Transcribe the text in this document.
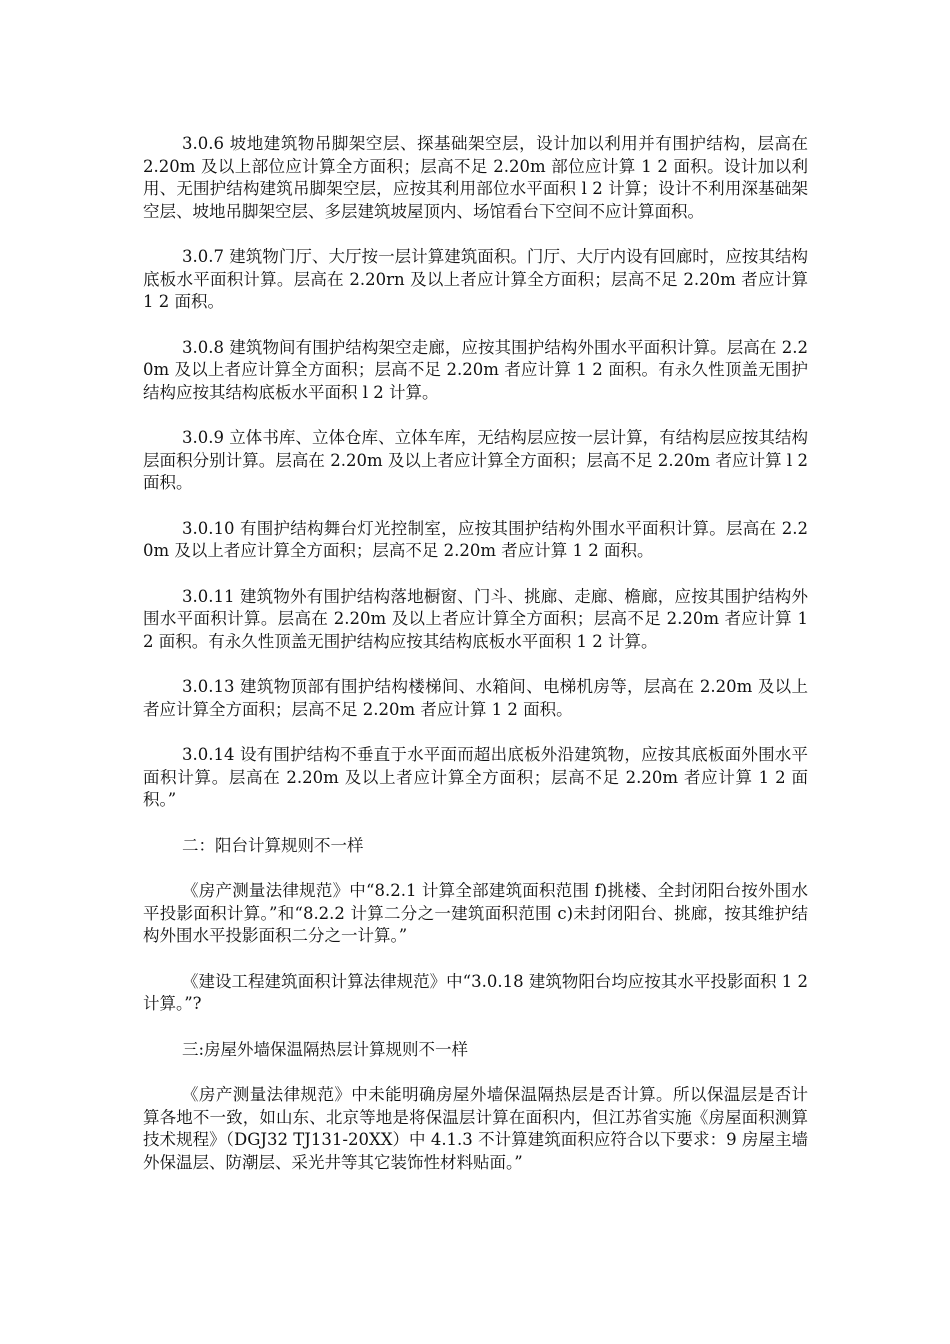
3.0.6 坡地建筑物吊脚架空层、探基础架空层，设计加以利用并有围护结构，层高在 2.20m 及以上部位应计算全方面积；层高不足 2.20m 部位应计算 1 2 面积。设计加以利用、无围护结构建筑吊脚架空层，应按其利用部位水平面积 l 2 计算；设计不利用深基础架空层、坡地吊脚架空层、多层建筑坡屋顶内、场馆看台下空间不应计算面积。

3.0.7 建筑物门厅、大厅按一层计算建筑面积。门厅、大厅内设有回廊时，应按其结构底板水平面积计算。层高在 2.20rn 及以上者应计算全方面积；层高不足 2.20m 者应计算 1 2 面积。

3.0.8 建筑物间有围护结构架空走廊，应按其围护结构外围水平面积计算。层高在 2.20m 及以上者应计算全方面积；层高不足 2.20m 者应计算 1 2 面积。有永久性顶盖无围护结构应按其结构底板水平面积 l 2 计算。

3.0.9 立体书库、立体仓库、立体车库，无结构层应按一层计算，有结构层应按其结构层面积分别计算。层高在 2.20m 及以上者应计算全方面积；层高不足 2.20m 者应计算 l 2 面积。

3.0.10 有围护结构舞台灯光控制室，应按其围护结构外围水平面积计算。层高在 2.20m 及以上者应计算全方面积；层高不足 2.20m 者应计算 1 2 面积。

3.0.11 建筑物外有围护结构落地橱窗、门斗、挑廊、走廊、檐廊，应按其围护结构外围水平面积计算。层高在 2.20m 及以上者应计算全方面积；层高不足 2.20m 者应计算 1 2 面积。有永久性顶盖无围护结构应按其结构底板水平面积 1 2 计算。

3.0.13 建筑物顶部有围护结构楼梯间、水箱间、电梯机房等，层高在 2.20m 及以上者应计算全方面积；层高不足 2.20m 者应计算 1 2 面积。

3.0.14 设有围护结构不垂直于水平面而超出底板外沿建筑物，应按其底板面外围水平面积计算。层高在 2.20m 及以上者应计算全方面积；层高不足 2.20m 者应计算 1 2 面积。”

二：阳台计算规则不一样

《房产测量法律规范》中“8.2.1 计算全部建筑面积范围 f)挑楼、全封闭阳台按外围水平投影面积计算。”和“8.2.2 计算二分之一建筑面积范围 c)未封闭阳台、挑廊，按其维护结构外围水平投影面积二分之一计算。”

《建设工程建筑面积计算法律规范》中“3.0.18 建筑物阳台均应按其水平投影面积 1 2 计算。”?

三:房屋外墙保温隔热层计算规则不一样

《房产测量法律规范》中未能明确房屋外墙保温隔热层是否计算。所以保温层是否计算各地不一致，如山东、北京等地是将保温层计算在面积内，但江苏省实施《房屋面积测算技术规程》（DGJ32 TJ131-20XX）中 4.1.3 不计算建筑面积应符合以下要求：9 房屋主墙外保温层、防潮层、采光井等其它装饰性材料贴面。”
